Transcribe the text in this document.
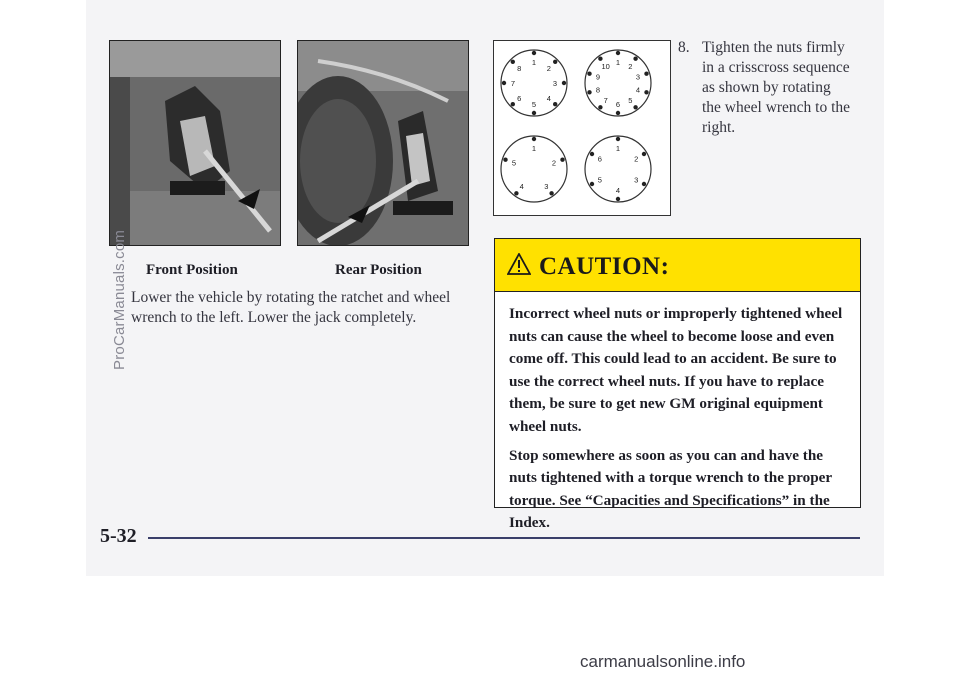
Front Position	Rear Position
Lower the vehicle by rotating the ratchet and wheel wrench to the left. Lower the jack completely.
1
2
3
4
5
6
7
8
1 2
3
4
5
6
7
8
9
10
1
2
3
4
5
1
2
3
4
5
6
8. Tighten the nuts firmly in a crisscross sequence as shown by rotating the wheel wrench to the right.
CAUTION:

Incorrect wheel nuts or improperly tightened wheel nuts can cause the wheel to become loose and even come off. This could lead to an accident. Be sure to use the correct wheel nuts. If you have to replace them, be sure to get new GM original equipment wheel nuts.

Stop somewhere as soon as you can and have the nuts tightened with a torque wrench to the proper torque. See “Capacities and Specifications” in the Index.

5-32
ProCarManuals.com
carmanualsonline.info
